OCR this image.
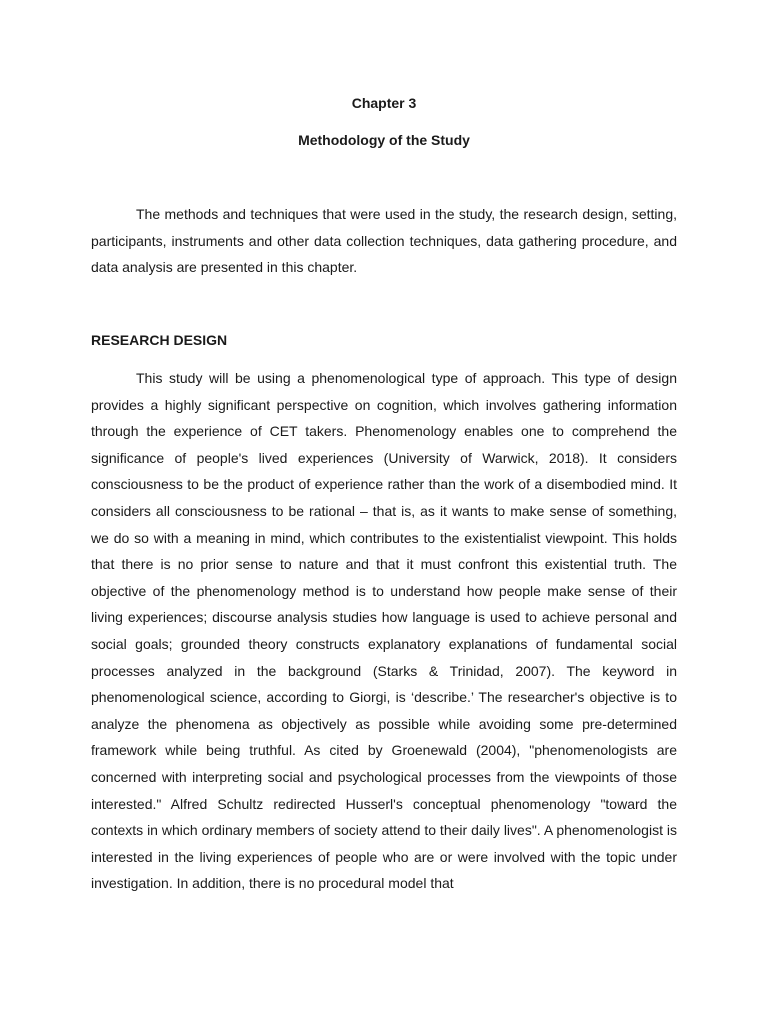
Chapter 3
Methodology of the Study

The methods and techniques that were used in the study, the research design, setting, participants, instruments and other data collection techniques, data gathering procedure, and data analysis are presented in this chapter.

RESEARCH DESIGN

This study will be using a phenomenological type of approach. This type of design provides a highly significant perspective on cognition, which involves gathering information through the experience of CET takers. Phenomenology enables one to comprehend the significance of people's lived experiences (University of Warwick, 2018). It considers consciousness to be the product of experience rather than the work of a disembodied mind. It considers all consciousness to be rational – that is, as it wants to make sense of something, we do so with a meaning in mind, which contributes to the existentialist viewpoint. This holds that there is no prior sense to nature and that it must confront this existential truth. The objective of the phenomenology method is to understand how people make sense of their living experiences; discourse analysis studies how language is used to achieve personal and social goals; grounded theory constructs explanatory explanations of fundamental social processes analyzed in the background (Starks & Trinidad, 2007). The keyword in phenomenological science, according to Giorgi, is ‘describe.’ The researcher's objective is to analyze the phenomena as objectively as possible while avoiding some pre-determined framework while being truthful. As cited by Groenewald (2004), "phenomenologists are concerned with interpreting social and psychological processes from the viewpoints of those interested." Alfred Schultz redirected Husserl's conceptual phenomenology "toward the contexts in which ordinary members of society attend to their daily lives". A phenomenologist is interested in the living experiences of people who are or were involved with the topic under investigation. In addition, there is no procedural model that
